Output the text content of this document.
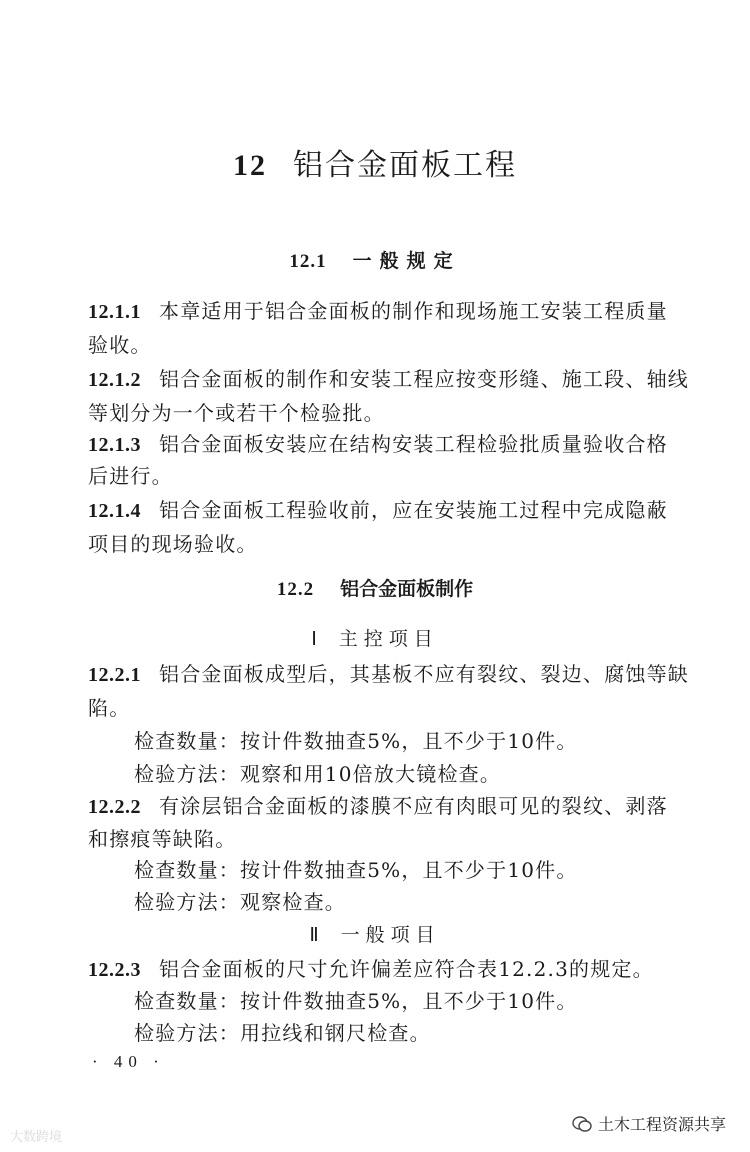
12 铝合金面板工程
12.1 一般规定
12.1.1 本章适用于铝合金面板的制作和现场施工安装工程质量
验收。
12.1.2 铝合金面板的制作和安装工程应按变形缝、施工段、轴线
等划分为一个或若干个检验批。
12.1.3 铝合金面板安装应在结构安装工程检验批质量验收合格
后进行。
12.1.4 铝合金面板工程验收前，应在安装施工过程中完成隐蔽
项目的现场验收。
12.2 铝合金面板制作
Ⅰ 主控项目
12.2.1 铝合金面板成型后，其基板不应有裂纹、裂边、腐蚀等缺
陷。
检查数量：按计件数抽查5%，且不少于10件。
检验方法：观察和用10倍放大镜检查。
12.2.2 有涂层铝合金面板的漆膜不应有肉眼可见的裂纹、剥落
和擦痕等缺陷。
检查数量：按计件数抽查5%，且不少于10件。
检验方法：观察检查。
Ⅱ 一般项目
12.2.3 铝合金面板的尺寸允许偏差应符合表12.2.3的规定。
检查数量：按计件数抽查5%，且不少于10件。
检验方法：用拉线和钢尺检查。
· 40 ·
大数跨境
土木工程资源共享
